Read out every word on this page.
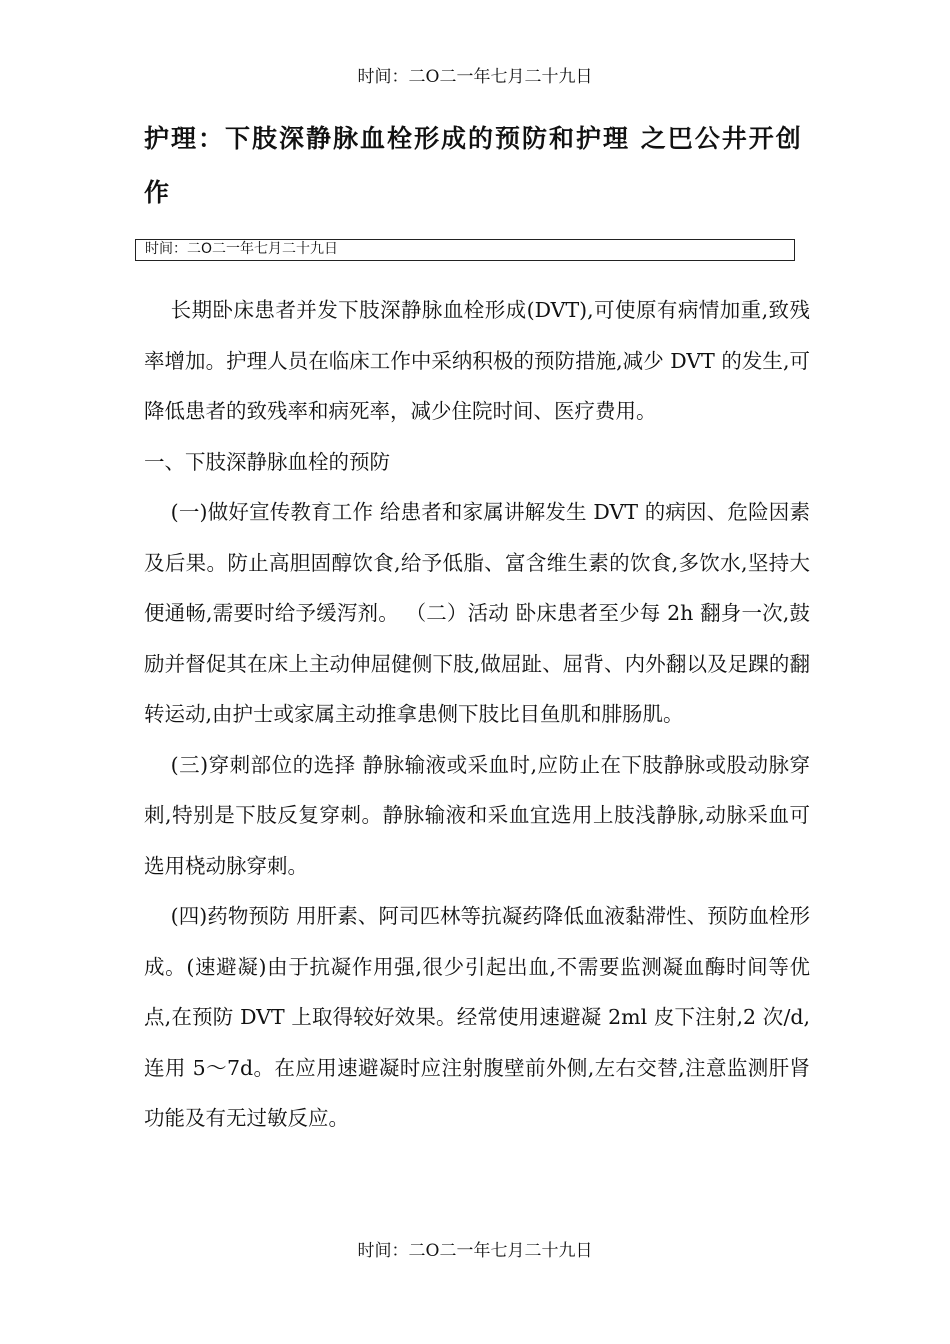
时间：二O二一年七月二十九日
护理：下肢深静脉血栓形成的预防和护理 之巴公井开创作
时间：二O二一年七月二十九日

长期卧床患者并发下肢深静脉血栓形成(DVT),可使原有病情加重,致残率增加。护理人员在临床工作中采纳积极的预防措施,减少 DVT 的发生,可降低患者的致残率和病死率，减少住院时间、医疗费用。

一、下肢深静脉血栓的预防

(一)做好宣传教育工作 给患者和家属讲解发生 DVT 的病因、危险因素及后果。防止高胆固醇饮食,给予低脂、富含维生素的饮食,多饮水,坚持大便通畅,需要时给予缓泻剂。 （二）活动 卧床患者至少每 2h 翻身一次,鼓励并督促其在床上主动伸屈健侧下肢,做屈趾、屈背、内外翻以及足踝的翻转运动,由护士或家属主动推拿患侧下肢比目鱼肌和腓肠肌。

(三)穿刺部位的选择 静脉输液或采血时,应防止在下肢静脉或股动脉穿刺,特别是下肢反复穿刺。静脉输液和采血宜选用上肢浅静脉,动脉采血可选用桡动脉穿刺。

(四)药物预防 用肝素、阿司匹林等抗凝药降低血液黏滞性、预防血栓形成。(速避凝)由于抗凝作用强,很少引起出血,不需要监测凝血酶时间等优点,在预防 DVT 上取得较好效果。经常使用速避凝 2ml 皮下注射,2 次/d,连用 5～7d。在应用速避凝时应注射腹壁前外侧,左右交替,注意监测肝肾功能及有无过敏反应。

时间：二O二一年七月二十九日
